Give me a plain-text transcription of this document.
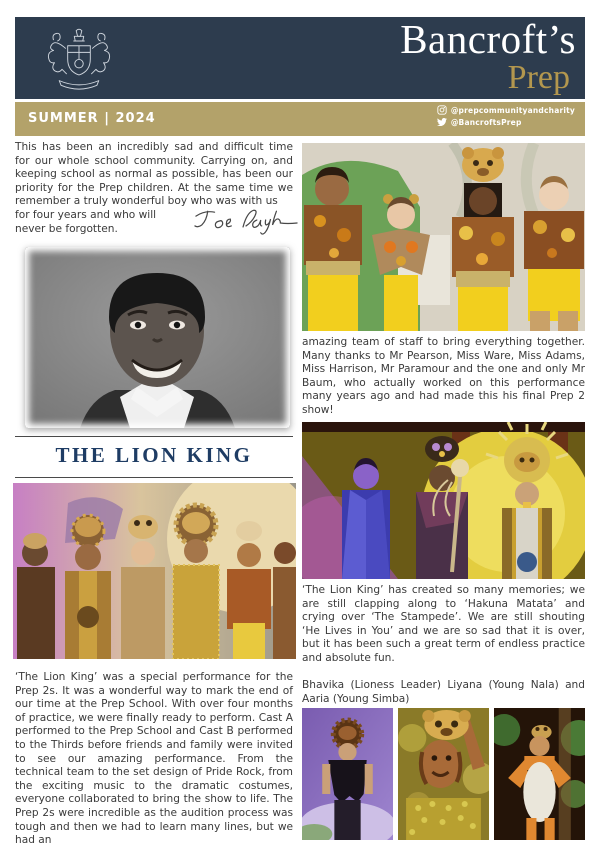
Bancroft’s
Prep
SUMMER | 2024
@prepcommunityandcharity
@BancroftsPrep

This has been an incredibly sad and difficult time for our whole school community. Carrying on, and keeping school as normal as possible, has been our priority for the Prep children. At the same time we remember a truly wonderful boy who was with us

for four years and who will
never be forgotten.
THE LION KING

‘The Lion King’ was a special performance for the Prep 2s. It was a wonderful way to mark the end of our time at the Prep School. With over four months of practice, we were finally ready to perform. Cast A performed to the Prep School and Cast B performed to the Thirds before friends and family were invited to see our amazing performance. From the technical team to the set design of Pride Rock, from the exciting music to the dramatic costumes, everyone collaborated to bring the show to life. The Prep 2s were incredible as the audition process was tough and then we had to learn many lines, but we had an

amazing team of staff to bring everything together. Many thanks to Mr Pearson, Miss Ware, Miss Adams, Miss Harrison, Mr Paramour and the one and only Mr Baum, who actually worked on this performance many years ago and had made this his final Prep 2 show!

‘The Lion King’ has created so many memories; we are still clapping along to ‘Hakuna Matata’ and crying over ‘The Stampede’. We are still shouting ‘He Lives in You’ and we are so sad that it is over, but it has been such a great term of endless practice and absolute fun.

Bhavika (Lioness Leader) Liyana (Young Nala) and Aaria (Young Simba)
